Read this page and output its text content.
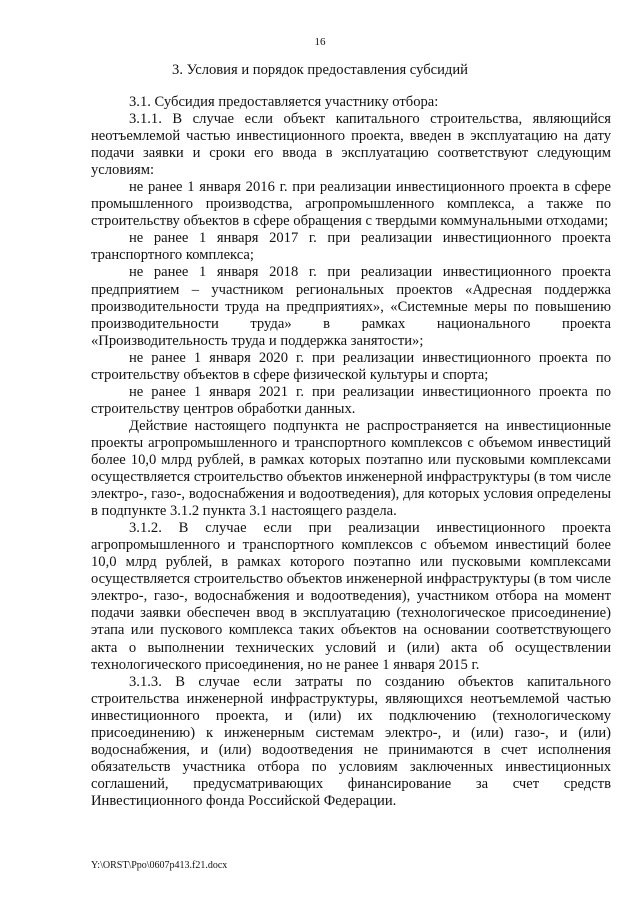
16
3. Условия и порядок предоставления субсидий

3.1. Субсидия предоставляется участнику отбора:

3.1.1. В случае если объект капитального строительства, являющийся неотъемлемой частью инвестиционного проекта, введен в эксплуатацию на дату подачи заявки и сроки его ввода в эксплуатацию соответствуют следующим условиям:

не ранее 1 января 2016 г. при реализации инвестиционного проекта в сфере промышленного производства, агропромышленного комплекса, а также по строительству объектов в сфере обращения с твердыми коммунальными отходами;

не ранее 1 января 2017 г. при реализации инвестиционного проекта транспортного комплекса;

не ранее 1 января 2018 г. при реализации инвестиционного проекта предприятием – участником региональных проектов «Адресная поддержка производительности труда на предприятиях», «Системные меры по повышению производительности труда» в рамках национального проекта «Производительность труда и поддержка занятости»;

не ранее 1 января 2020 г. при реализации инвестиционного проекта по строительству объектов в сфере физической культуры и спорта;

не ранее 1 января 2021 г. при реализации инвестиционного проекта по строительству центров обработки данных.

Действие настоящего подпункта не распространяется на инвестиционные проекты агропромышленного и транспортного комплексов с объемом инвестиций более 10,0 млрд рублей, в рамках которых поэтапно или пусковыми комплексами осуществляется строительство объектов инженерной инфраструктуры (в том числе электро-, газо-, водоснабжения и водоотведения), для которых условия определены в подпункте 3.1.2 пункта 3.1 настоящего раздела.

3.1.2. В случае если при реализации инвестиционного проекта агропромышленного и транспортного комплексов с объемом инвестиций более 10,0 млрд рублей, в рамках которого поэтапно или пусковыми комплексами осуществляется строительство объектов инженерной инфраструктуры (в том числе электро-, газо-, водоснабжения и водоотведения), участником отбора на момент подачи заявки обеспечен ввод в эксплуатацию (технологическое присоединение) этапа или пускового комплекса таких объектов на основании соответствующего акта о выполнении технических условий и (или) акта об осуществлении технологического присоединения, но не ранее 1 января 2015 г.

3.1.3. В случае если затраты по созданию объектов капитального строительства инженерной инфраструктуры, являющихся неотъемлемой частью инвестиционного проекта, и (или) их подключению (технологическому присоединению) к инженерным системам электро-, и (или) газо-, и (или) водоснабжения, и (или) водоотведения не принимаются в счет исполнения обязательств участника отбора по условиям заключенных инвестиционных соглашений, предусматривающих финансирование за счет средств Инвестиционного фонда Российской Федерации.

Y:\ORST\Ppo\0607p413.f21.docx
